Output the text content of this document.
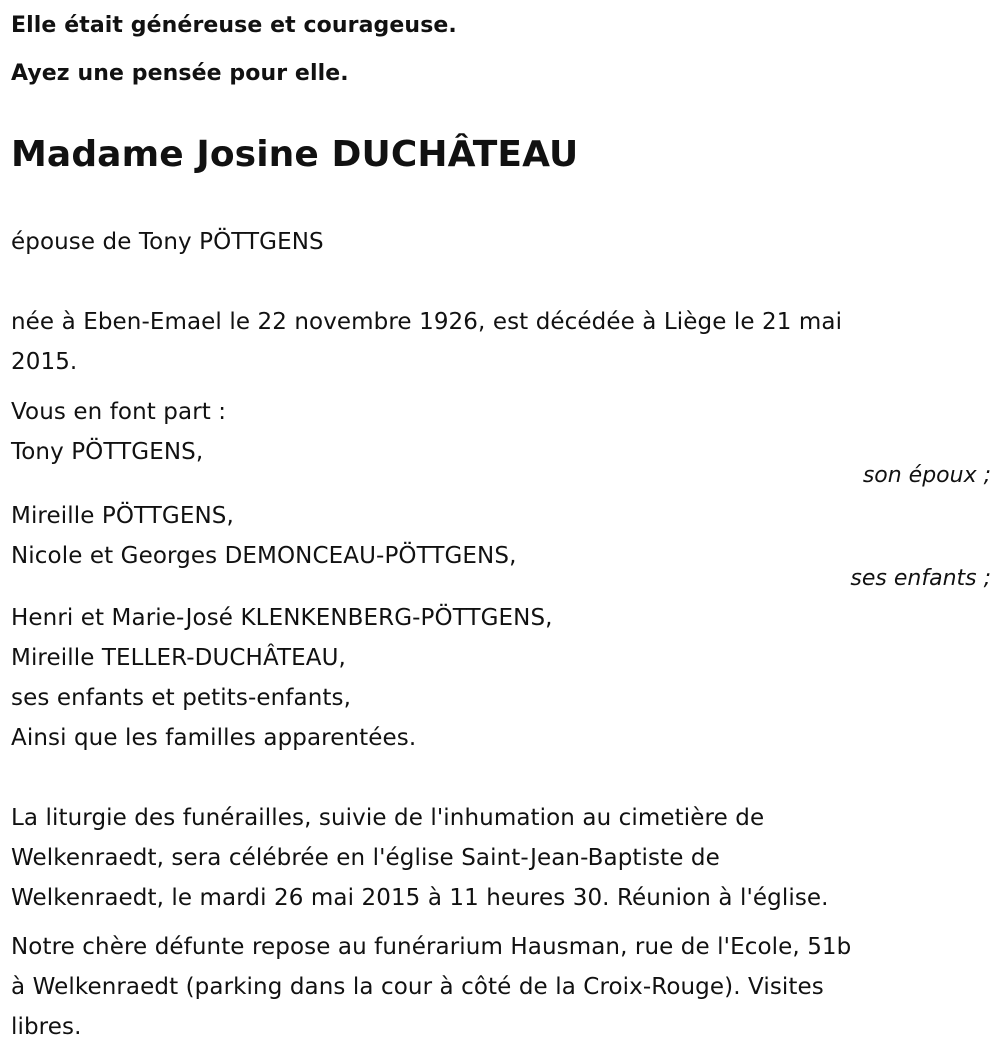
Elle était généreuse et courageuse.
Ayez une pensée pour elle.
Madame Josine DUCHÂTEAU
épouse de Tony PÖTTGENS
née à Eben-Emael le 22 novembre 1926, est décédée à Liège le 21 mai
2015.
Vous en font part :
Tony PÖTTGENS,
son époux ;
Mireille PÖTTGENS,
Nicole et Georges DEMONCEAU-PÖTTGENS,
ses enfants ;
Henri et Marie-José KLENKENBERG-PÖTTGENS,
Mireille TELLER-DUCHÂTEAU,
ses enfants et petits-enfants,
Ainsi que les familles apparentées.
La liturgie des funérailles, suivie de l'inhumation au cimetière de
Welkenraedt, sera célébrée en l'église Saint-Jean-Baptiste de
Welkenraedt, le mardi 26 mai 2015 à 11 heures 30. Réunion à l'église.
Notre chère défunte repose au funérarium Hausman, rue de l'Ecole, 51b
à Welkenraedt (parking dans la cour à côté de la Croix-Rouge). Visites
libres.
